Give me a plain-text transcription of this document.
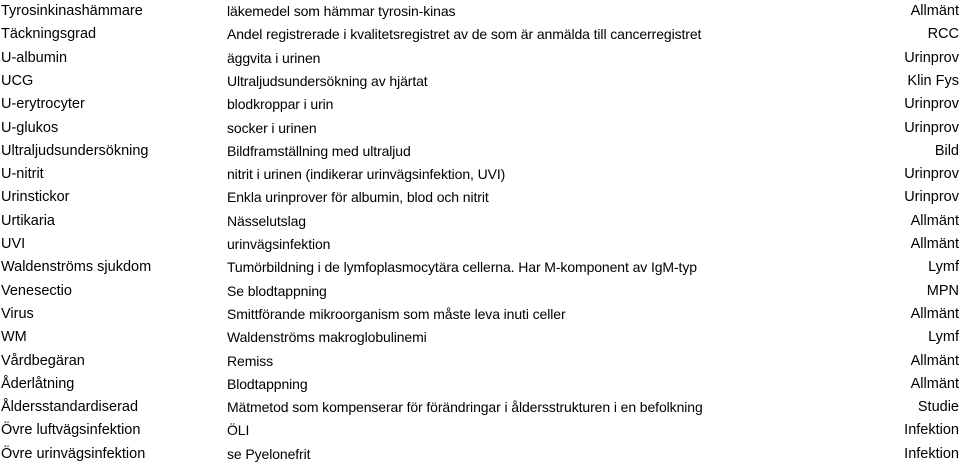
Tyrosinkinashämmare	läkemedel som hämmar tyrosin-kinas	Allmänt
Täckningsgrad	Andel registrerade i kvalitetsregistret av de som är anmälda till cancerregistret	RCC
U-albumin	äggvita i urinen	Urinprov
UCG	Ultraljudsundersökning av hjärtat	Klin Fys
U-erytrocyter	blodkroppar i urin	Urinprov
U-glukos	socker i urinen	Urinprov
Ultraljudsundersökning	Bildframställning med ultraljud	Bild
U-nitrit	nitrit i urinen (indikerar urinvägsinfektion, UVI)	Urinprov
Urinstickor	Enkla urinprover för albumin, blod och nitrit	Urinprov
Urtikaria	Nässelutslag	Allmänt
UVI	urinvägsinfektion	Allmänt
Waldenströms sjukdom	Tumörbildning i de lymfoplasmocytära cellerna. Har M-komponent av IgM-typ	Lymf
Venesectio	Se blodtappning	MPN
Virus	Smittförande mikroorganism som måste leva inuti celler	Allmänt
WM	Waldenströms makroglobulinemi	Lymf
Vårdbegäran	Remiss	Allmänt
Åderlåtning	Blodtappning	Allmänt
Åldersstandardiserad	Mätmetod som kompenserar för förändringar i åldersstrukturen i en befolkning	Studie
Övre luftvägsinfektion	ÖLI	Infektion
Övre urinvägsinfektion	se Pyelonefrit	Infektion
